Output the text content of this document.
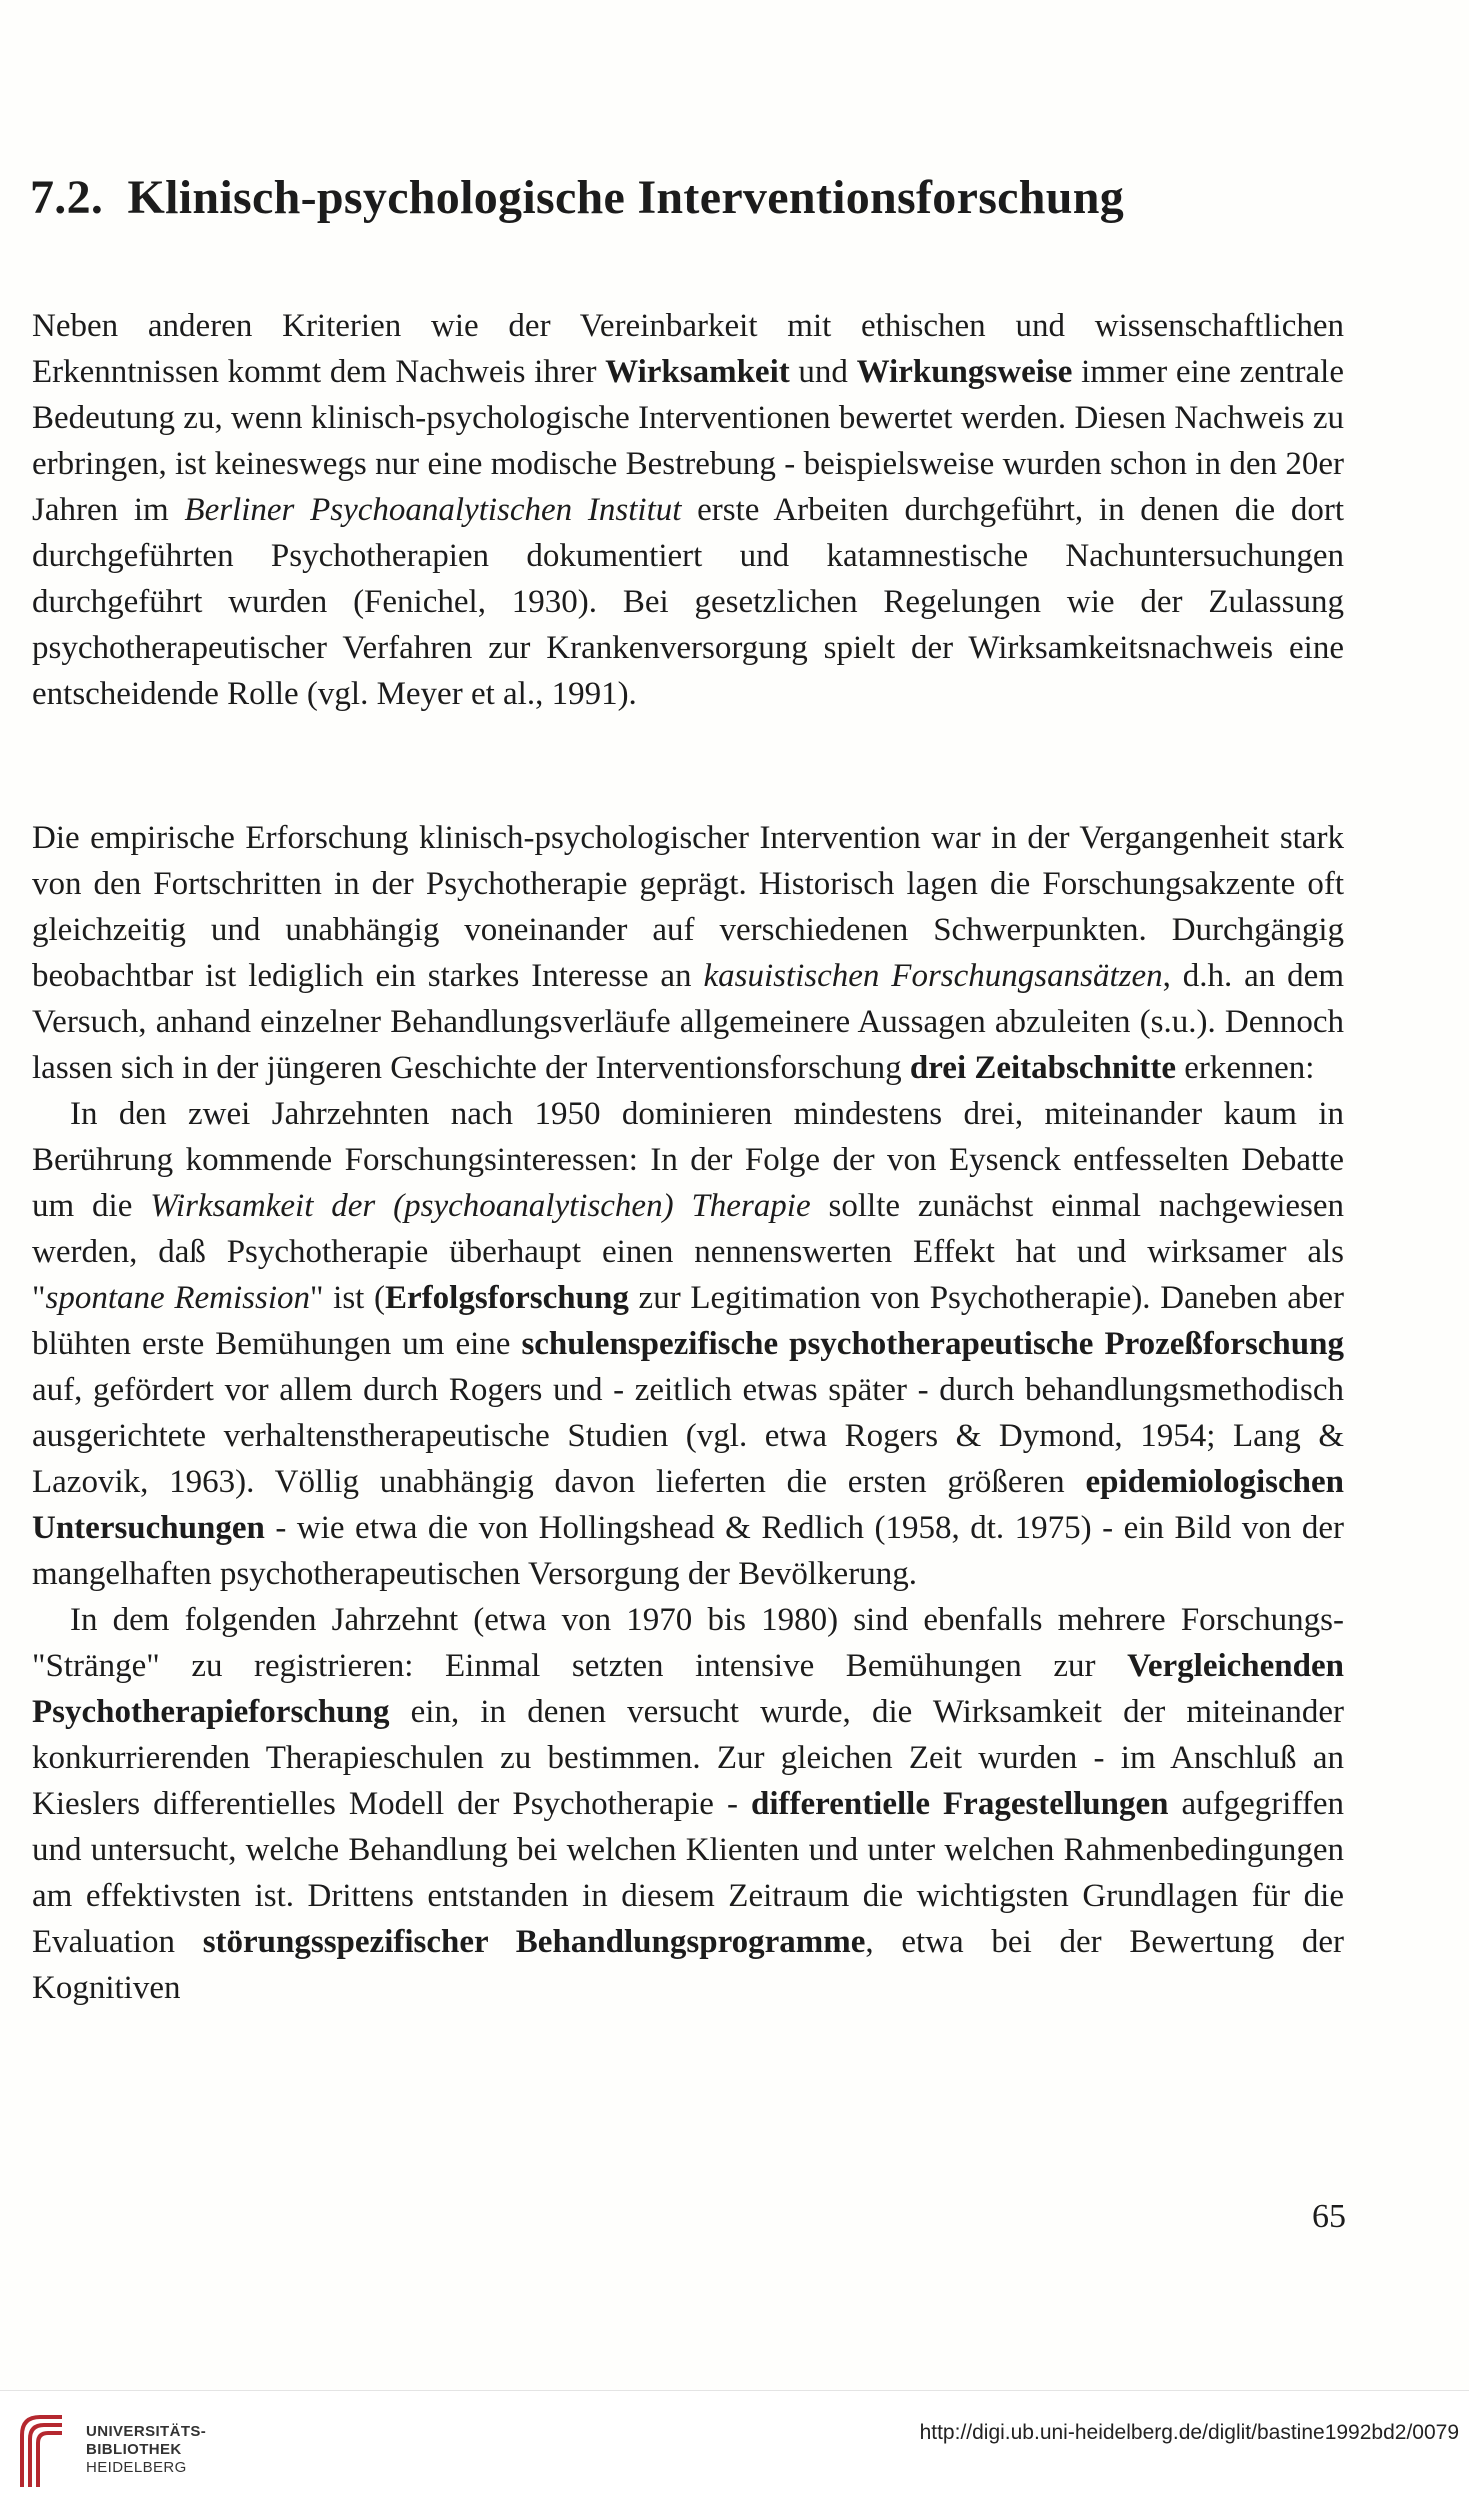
7.2. Klinisch-psychologische Interventionsforschung

Neben anderen Kriterien wie der Vereinbarkeit mit ethischen und wissenschaftlichen Erkenntnissen kommt dem Nachweis ihrer Wirksamkeit und Wirkungsweise immer eine zentrale Bedeutung zu, wenn klinisch-psychologische Interventionen bewertet werden. Diesen Nachweis zu erbringen, ist keineswegs nur eine modische Bestrebung - beispielsweise wurden schon in den 20er Jahren im Berliner Psychoanalytischen Institut erste Arbeiten durchgeführt, in denen die dort durchgeführten Psychotherapien dokumentiert und katamnestische Nachuntersuchungen durchgeführt wurden (Fenichel, 1930). Bei gesetzlichen Regelungen wie der Zulassung psychotherapeutischer Verfahren zur Krankenversorgung spielt der Wirksamkeitsnachweis eine entscheidende Rolle (vgl. Meyer et al., 1991).

Die empirische Erforschung klinisch-psychologischer Intervention war in der Vergangenheit stark von den Fortschritten in der Psychotherapie geprägt. Historisch lagen die Forschungsakzente oft gleichzeitig und unabhängig voneinander auf verschiedenen Schwerpunkten. Durchgängig beobachtbar ist lediglich ein starkes Interesse an kasuistischen Forschungsansätzen, d.h. an dem Versuch, anhand einzelner Behandlungsverläufe allgemeinere Aussagen abzuleiten (s.u.). Dennoch lassen sich in der jüngeren Geschichte der Interventionsforschung drei Zeitabschnitte erkennen:
In den zwei Jahrzehnten nach 1950 dominieren mindestens drei, miteinander kaum in Berührung kommende Forschungsinteressen: In der Folge der von Eysenck entfesselten Debatte um die Wirksamkeit der (psychoanalytischen) Therapie sollte zunächst einmal nachgewiesen werden, daß Psychotherapie überhaupt einen nennenswerten Effekt hat und wirksamer als "spontane Remission" ist (Erfolgsforschung zur Legitimation von Psychotherapie). Daneben aber blühten erste Bemühungen um eine schulenspezifische psychotherapeutische Prozeßforschung auf, gefördert vor allem durch Rogers und - zeitlich etwas später - durch behandlungsmethodisch ausgerichtete verhaltenstherapeutische Studien (vgl. etwa Rogers & Dymond, 1954; Lang & Lazovik, 1963). Völlig unabhängig davon lieferten die ersten größeren epidemiologischen Untersuchungen - wie etwa die von Hollingshead & Redlich (1958, dt. 1975) - ein Bild von der mangelhaften psychotherapeutischen Versorgung der Bevölkerung.
In dem folgenden Jahrzehnt (etwa von 1970 bis 1980) sind ebenfalls mehrere Forschungs-"Stränge" zu registrieren: Einmal setzten intensive Bemühungen zur Vergleichenden Psychotherapieforschung ein, in denen versucht wurde, die Wirksamkeit der miteinander konkurrierenden Therapieschulen zu bestimmen. Zur gleichen Zeit wurden - im Anschluß an Kieslers differentielles Modell der Psychotherapie - differentielle Fragestellungen aufgegriffen und untersucht, welche Behandlung bei welchen Klienten und unter welchen Rahmenbedingungen am effektivsten ist. Drittens entstanden in diesem Zeitraum die wichtigsten Grundlagen für die Evaluation störungsspezifischer Behandlungsprogramme, etwa bei der Bewertung der Kognitiven

65
UNIVERSITÄTS-
BIBLIOTHEK
HEIDELBERG
http://digi.ub.uni-heidelberg.de/diglit/bastine1992bd2/0079
